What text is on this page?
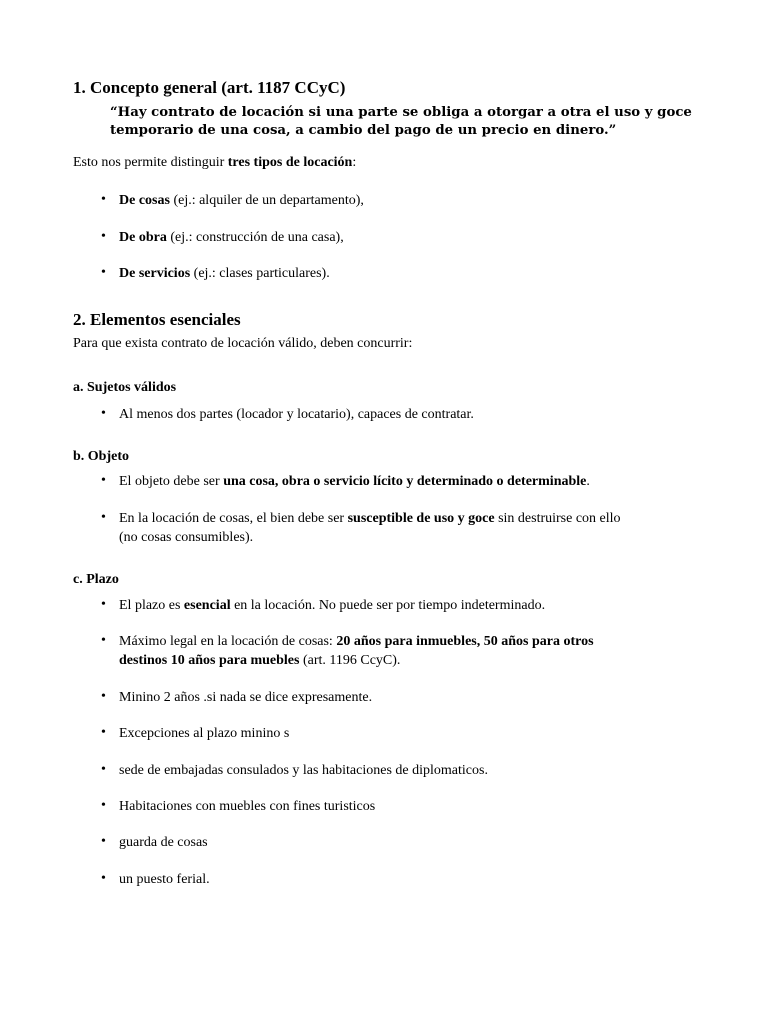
1. Concepto general (art. 1187 CCyC)
“Hay contrato de locación si una parte se obliga a otorgar a otra el uso y goce
temporario de una cosa, a cambio del pago de un precio en dinero.”
Esto nos permite distinguir tres tipos de locación:
• De cosas (ej.: alquiler de un departamento),
• De obra (ej.: construcción de una casa),
• De servicios (ej.: clases particulares).
2. Elementos esenciales
Para que exista contrato de locación válido, deben concurrir:
a. Sujetos válidos
• Al menos dos partes (locador y locatario), capaces de contratar.
b. Objeto
• El objeto debe ser una cosa, obra o servicio lícito y determinado o determinable.
• En la locación de cosas, el bien debe ser susceptible de uso y goce sin destruirse con ello
(no cosas consumibles).
c. Plazo
• El plazo es esencial en la locación. No puede ser por tiempo indeterminado.
• Máximo legal en la locación de cosas: 20 años para inmuebles, 50 años para otros
destinos 10 años para muebles (art. 1196 CcyC).
• Minino 2 años .si nada se dice expresamente.
• Excepciones al plazo minino s
• sede de embajadas consulados y las habitaciones de diplomaticos.
• Habitaciones con muebles con fines turisticos
• guarda de cosas
• un puesto ferial.
